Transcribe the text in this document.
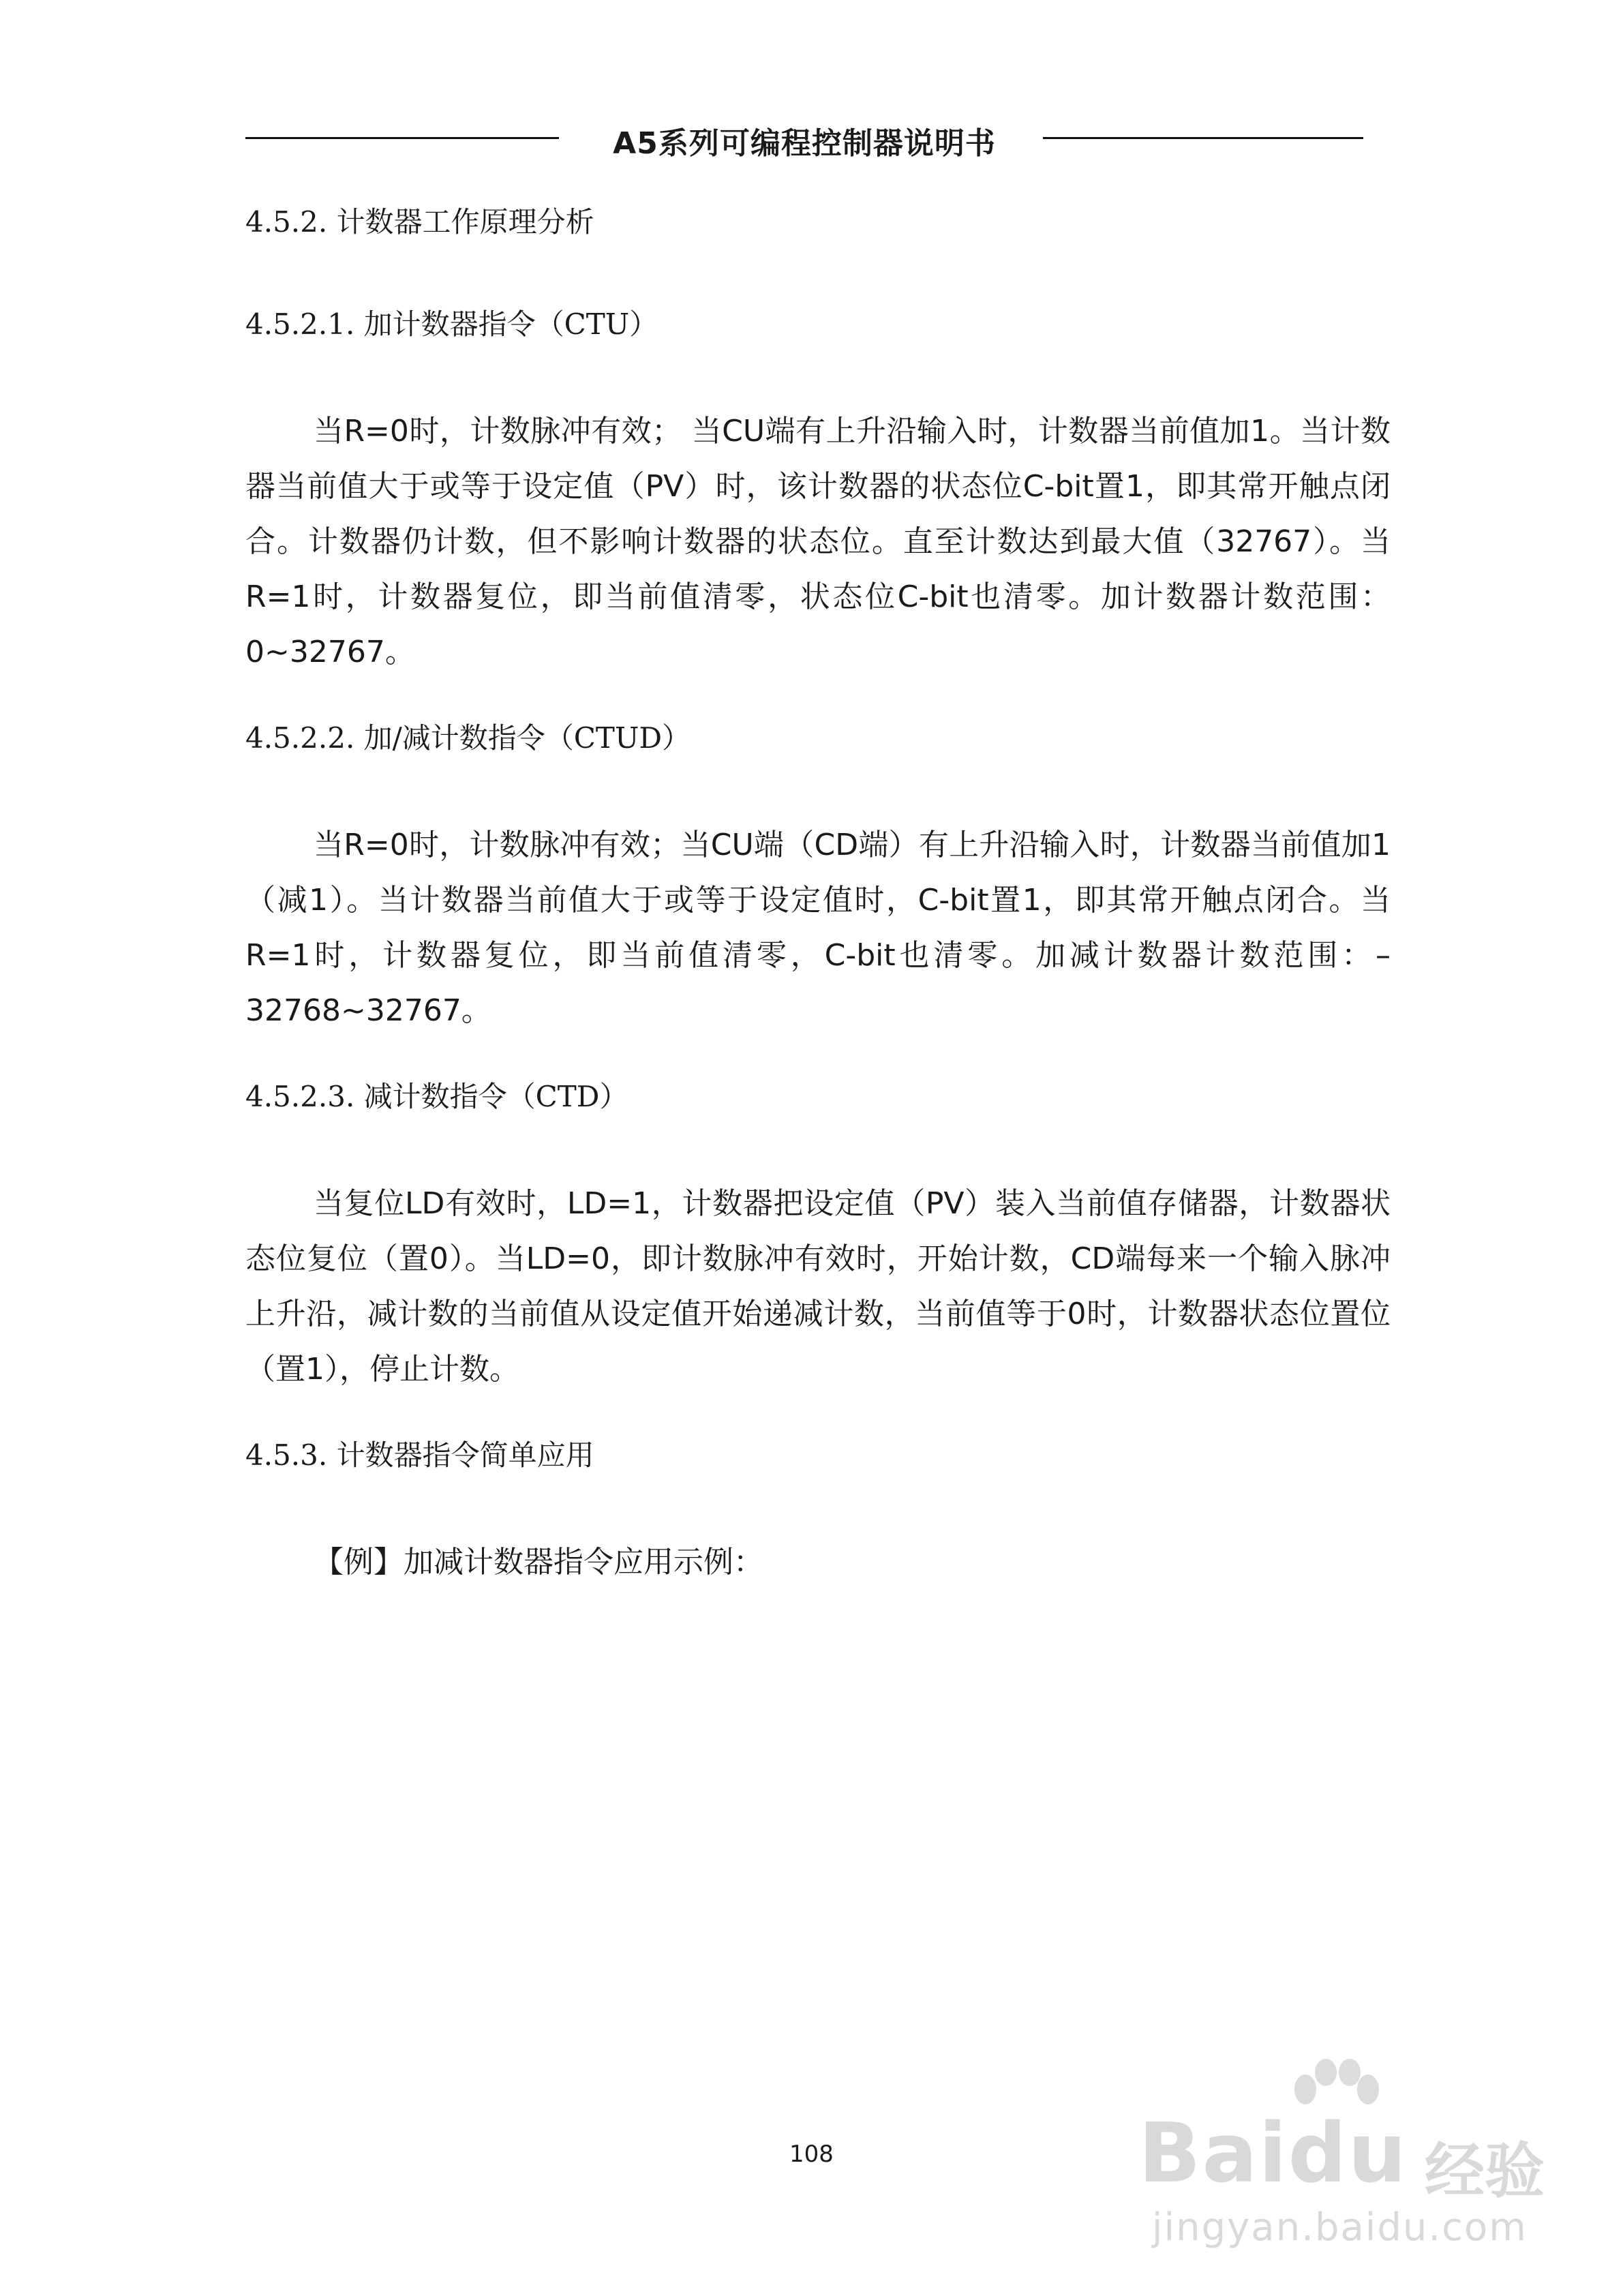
A5系列可编程控制器说明书
4.5.2. 计数器工作原理分析
4.5.2.1. 加计数器指令（CTU）

当R=0时，计数脉冲有效； 当CU端有上升沿输入时，计数器当前值加1。当计数器当前值大于或等于设定值（PV）时，该计数器的状态位C-bit置1，即其常开触点闭合。计数器仍计数，但不影响计数器的状态位。直至计数达到最大值（32767）。当R=1时，计数器复位，即当前值清零，状态位C-bit也清零。加计数器计数范围：0~32767。

4.5.2.2. 加/减计数指令（CTUD）

当R=0时，计数脉冲有效；当CU端（CD端）有上升沿输入时，计数器当前值加1（减1）。当计数器当前值大于或等于设定值时，C-bit置1，即其常开触点闭合。当R=1时，计数器复位，即当前值清零，C-bit也清零。加减计数器计数范围：–32768~32767。

4.5.2.3. 减计数指令（CTD）

当复位LD有效时，LD=1，计数器把设定值（PV）装入当前值存储器，计数器状态位复位（置0）。当LD=0，即计数脉冲有效时，开始计数，CD端每来一个输入脉冲上升沿，减计数的当前值从设定值开始递减计数，当前值等于0时，计数器状态位置位（置1），停止计数。

4.5.3. 计数器指令简单应用

【例】加减计数器指令应用示例：

108	Baidu 经验
jingyan.baidu.com
